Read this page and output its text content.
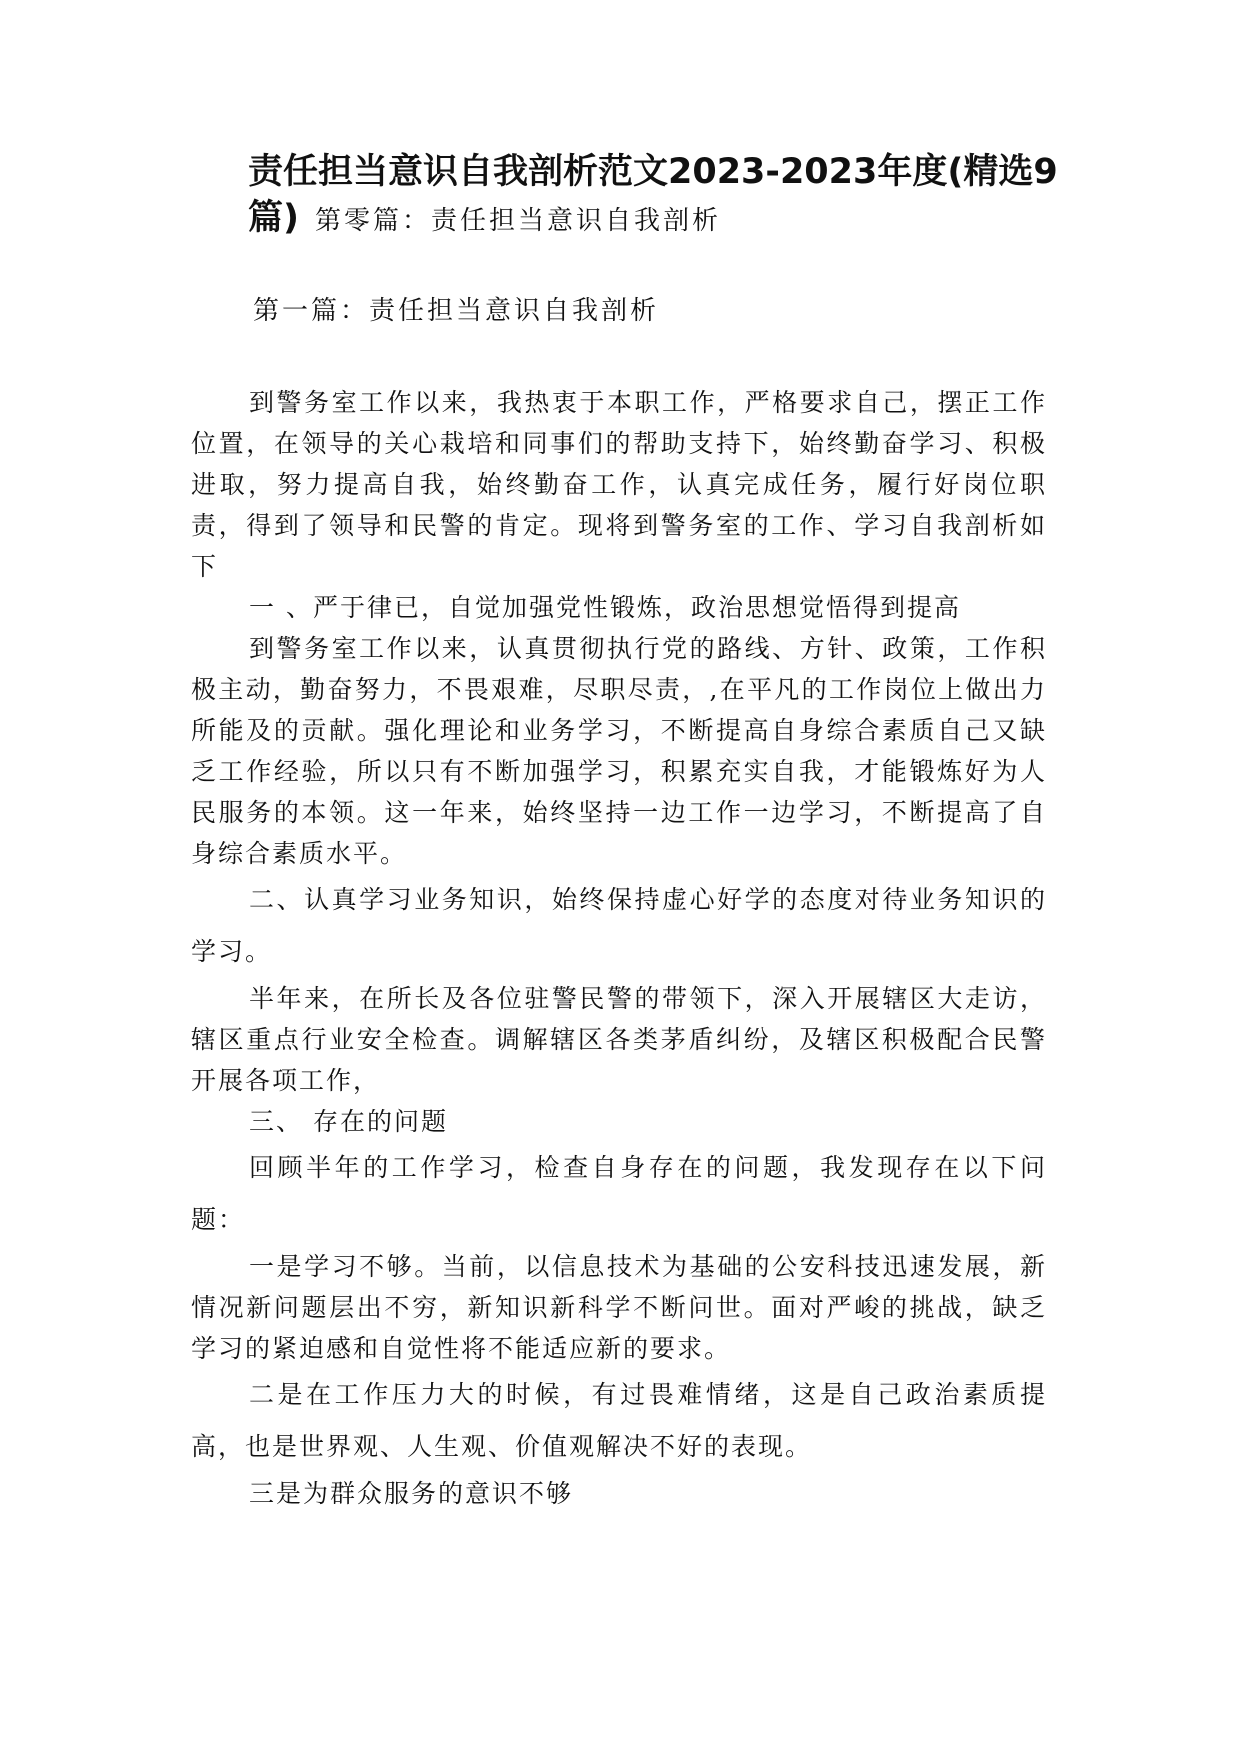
责任担当意识自我剖析范文2023-2023年度(精选9
篇) 第零篇：责任担当意识自我剖析
第一篇：责任担当意识自我剖析

到警务室工作以来，我热衷于本职工作，严格要求自己，摆正工作位置，在领导的关心栽培和同事们的帮助支持下，始终勤奋学习、积极进取，努力提高自我，始终勤奋工作，认真完成任务，履行好岗位职责，得到了领导和民警的肯定。现将到警务室的工作、学习自我剖析如下

一 、严于律已，自觉加强党性锻炼，政治思想觉悟得到提高

到警务室工作以来，认真贯彻执行党的路线、方针、政策，工作积极主动，勤奋努力，不畏艰难，尽职尽责，,在平凡的工作岗位上做出力所能及的贡献。强化理论和业务学习，不断提高自身综合素质自己又缺乏工作经验，所以只有不断加强学习，积累充实自我，才能锻炼好为人民服务的本领。这一年来，始终坚持一边工作一边学习，不断提高了自身综合素质水平。

二、认真学习业务知识，始终保持虚心好学的态度对待业务知识的学习。

半年来，在所长及各位驻警民警的带领下，深入开展辖区大走访，辖区重点行业安全检查。调解辖区各类茅盾纠纷，及辖区积极配合民警开展各项工作，

三、 存在的问题

回顾半年的工作学习，检查自身存在的问题，我发现存在以下问题：

一是学习不够。当前，以信息技术为基础的公安科技迅速发展，新情况新问题层出不穷，新知识新科学不断问世。面对严峻的挑战，缺乏学习的紧迫感和自觉性将不能适应新的要求。

二是在工作压力大的时候，有过畏难情绪，这是自己政治素质提高，也是世界观、人生观、价值观解决不好的表现。

三是为群众服务的意识不够
